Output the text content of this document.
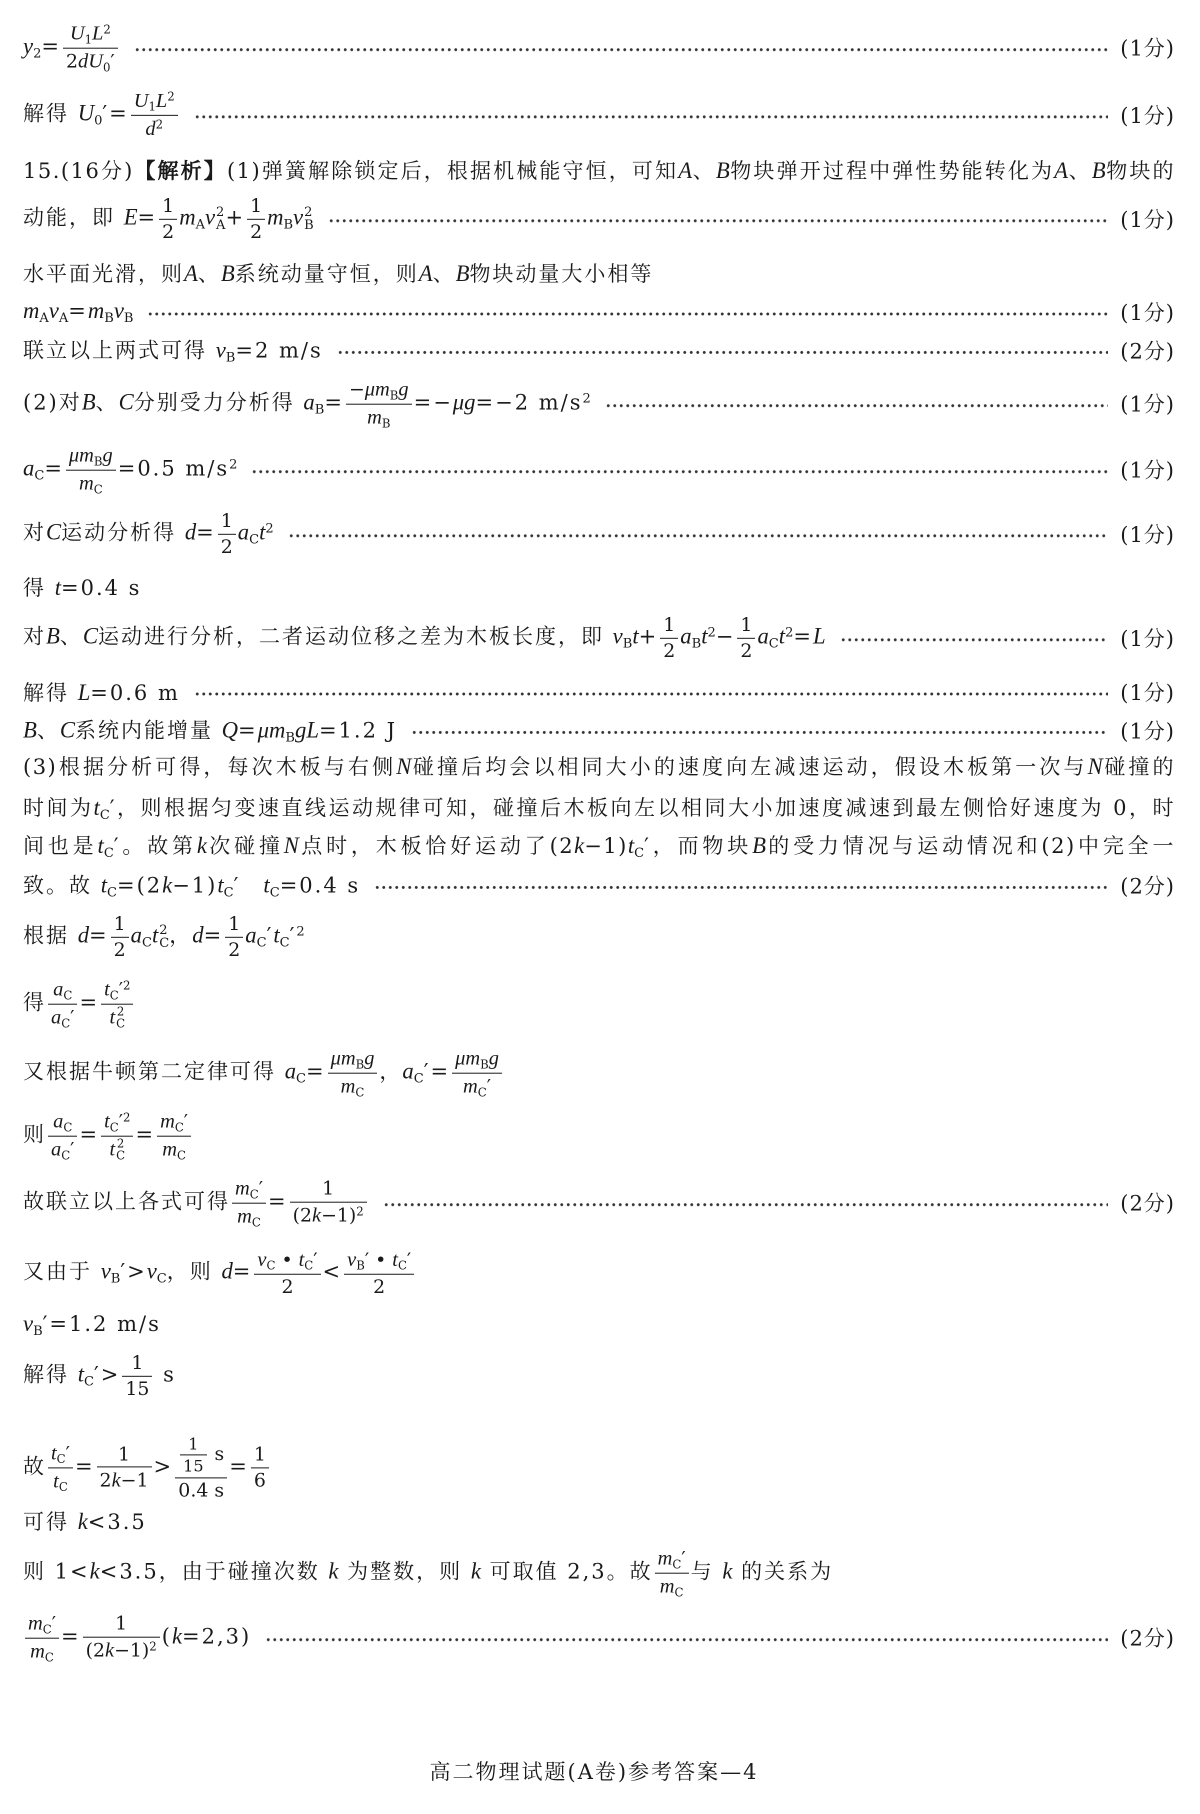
$y_2= \frac{U_1L^2}{2dU_0'}$	(1分)
解得 $U_0'= \frac{U_1L^2}{d^2}$	(1分)
15.(16分)【解析】(1)弹簧解除锁定后，根据机械能守恒，可知A、B物块弹开过程中弹性势能转化为A、B物块的
动能，即 $E= \frac{1}{2} m_Av$ 2
$A + \frac{1}{2} m_Bv$ 2
B	(1分)
水平面光滑，则A、B系统动量守恒，则A、B物块动量大小相等
$m_Av_A=m_Bv_B$	(1分)
联立以上两式可得 $v_B=2$ m/s	(2分)
(2)对B、C分别受力分析得 $a_B= \frac{-\mu m_Bg}{m_B} =-\mu g=-2$ $m/s^2$	(1分)
$a_C= \frac{\mu m_Bg}{m_C} =0.5$ $m/s^2$	(1分)
对C运动分析得 $d= \frac{1}{2} a_Ct^2$	(1分)
得 t=0.4 s
对B、C运动进行分析，二者运动位移之差为木板长度，即 $v_Bt+ \frac{1}{2} a_Bt^2- \frac{1}{2} a_Ct^2=L$	(1分)
解得 L=0.6 m	(1分)
B、C系统内能增量 $Q=\mu m_BgL=1.2$ J	(1分)
(3)根据分析可得，每次木板与右侧N碰撞后均会以相同大小的速度向左减速运动，假设木板第一次与N碰撞的
时间为$t_C'$，则根据匀变速直线运动规律可知，碰撞后木板向左以相同大小加速度减速到最左侧恰好速度为 0，时
间也是$t_C'$。故第k次碰撞N点时，木板恰好运动了$(2k-1)t_C'$，而物块B的受力情况与运动情况和(2)中完全一
致。故 $t_C=(2k-1)t_C'$　$t_C=0.4$ s	(2分)
根据 $d= \frac{1}{2} a_Ct$ 2
C ，$d= \frac{1}{2} a_C't_C'^2$
得 $\frac{a_C}{a_C'} = t_C'^2$
t 2
C
又根据牛顿第二定律可得 $a_C= \frac{\mu m_Bg}{m_C}$ ，$a_C'= \frac{\mu m_Bg}{m_C'}$
则 $\frac{a_C}{a_C'} = t_C'^2$
t 2
$C = \frac{m_C'}{m_C}$
故联立以上各式可得 $\frac{m_C'}{m_C} = \frac{1}{(2k-1)^2}$	(2分)
又由于 $v_B'>v_C$，则 $d= \frac{v_C • t_C'}{2} < \frac{v_B' • t_C'}{2}$
$v_B'=1.2$ m/s
解得 $t_C'> \frac{1}{15}$ s
故 $\frac{t_C'}{t_C} = \frac{1}{2k-1} > \frac{\frac{1}{15} s}{0.4 s} = \frac{1}{6}$
可得 k<3.5
则 1<k<3.5，由于碰撞次数 k 为整数，则 k 可取值 2,3。故 $\frac{m_C'}{m_C}$ 与 k 的关系为
$\frac{m_C'}{m_C} = \frac{1}{(2k-1)^2} (k=2,3)$	(2分)
高二物理试题(A卷)参考答案—4
